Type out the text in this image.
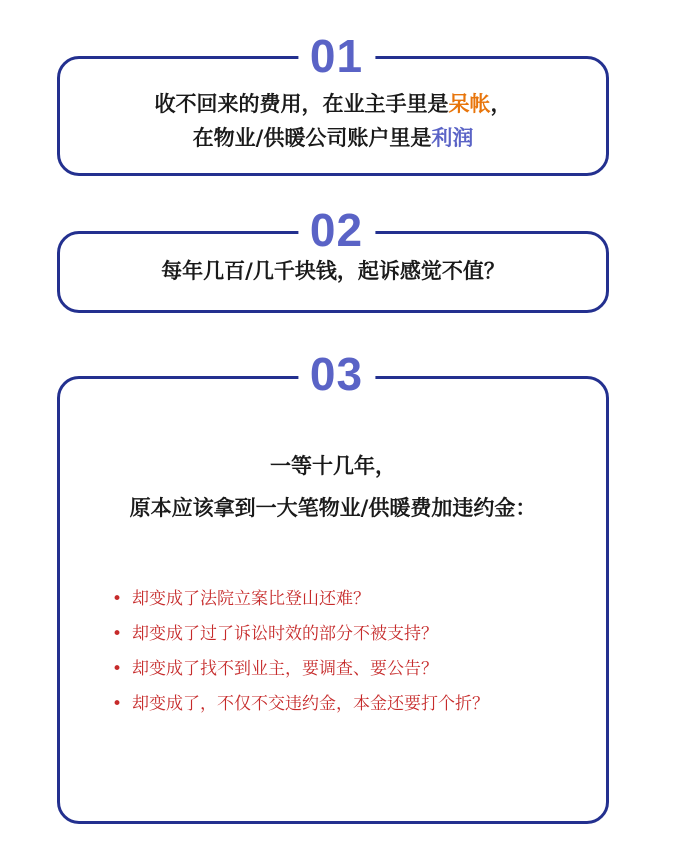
收不回来的费用，在业主手里是呆帐，
在物业/供暖公司账户里是利润
01
每年几百/几千块钱，起诉感觉不值？
02
一等十几年，
原本应该拿到一大笔物业/供暖费加违约金：
• 却变成了法院立案比登山还难？
• 却变成了过了诉讼时效的部分不被支持？
• 却变成了找不到业主，要调查、要公告？
• 却变成了，不仅不交违约金，本金还要打个折？
03
